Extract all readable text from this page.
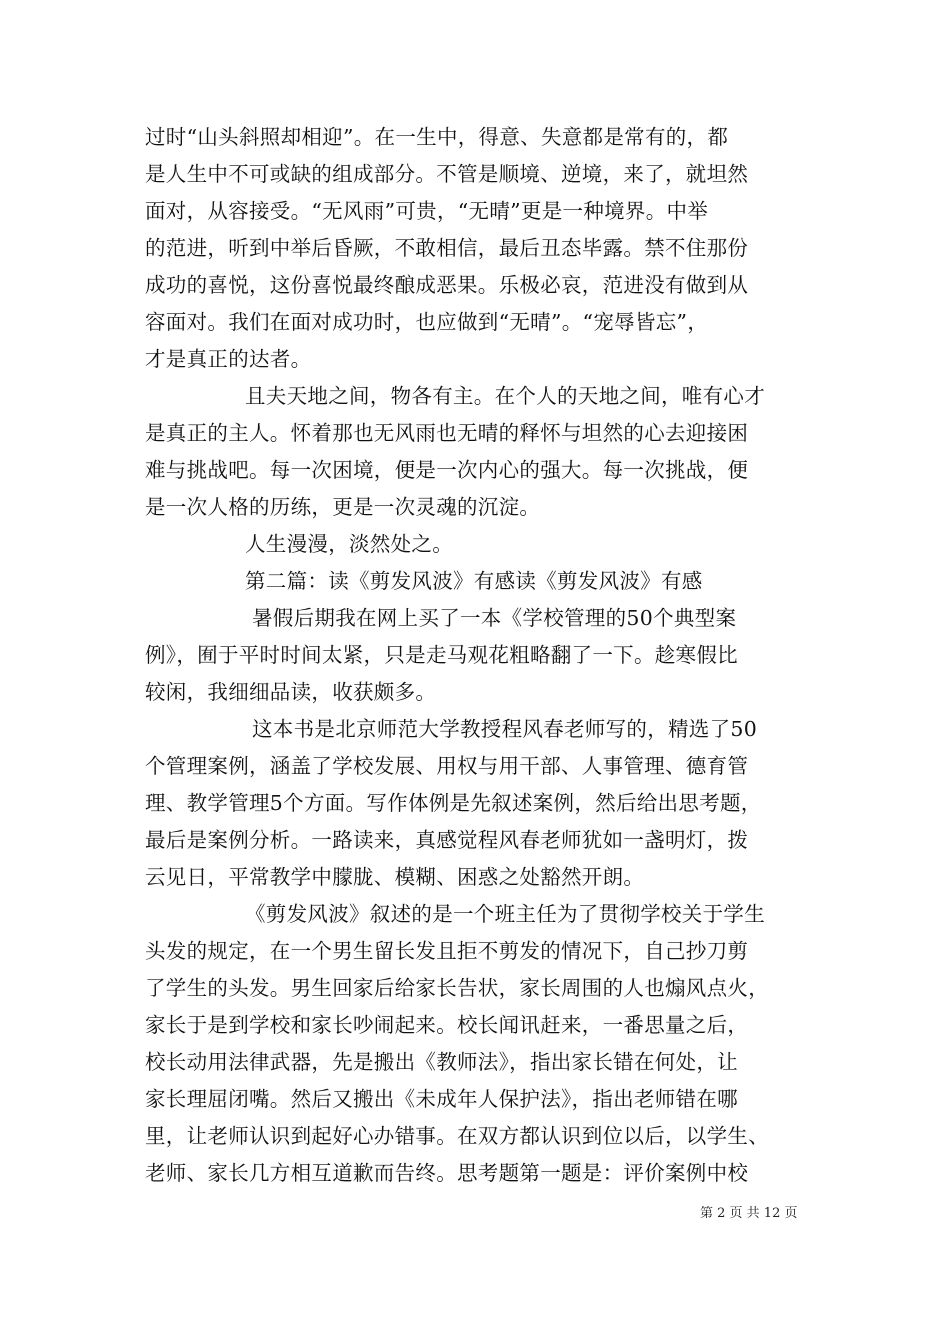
过时“山头斜照却相迎”。在一生中，得意、失意都是常有的，都
是人生中不可或缺的组成部分。不管是顺境、逆境，来了，就坦然
面对，从容接受。“无风雨”可贵，“无晴”更是一种境界。中举
的范进，听到中举后昏厥，不敢相信，最后丑态毕露。禁不住那份
成功的喜悦，这份喜悦最终酿成恶果。乐极必哀，范进没有做到从
容面对。我们在面对成功时，也应做到“无晴”。“宠辱皆忘”，
才是真正的达者。
且夫天地之间，物各有主。在个人的天地之间，唯有心才
是真正的主人。怀着那也无风雨也无晴的释怀与坦然的心去迎接困
难与挑战吧。每一次困境，便是一次内心的强大。每一次挑战，便
是一次人格的历练，更是一次灵魂的沉淀。
人生漫漫，淡然处之。
第二篇：读《剪发风波》有感读《剪发风波》有感
暑假后期我在网上买了一本《学校管理的50个典型案
例》，囿于平时时间太紧，只是走马观花粗略翻了一下。趁寒假比
较闲，我细细品读，收获颇多。
这本书是北京师范大学教授程风春老师写的，精选了50
个管理案例，涵盖了学校发展、用权与用干部、人事管理、德育管
理、教学管理5个方面。写作体例是先叙述案例，然后给出思考题，
最后是案例分析。一路读来，真感觉程风春老师犹如一盏明灯，拨
云见日，平常教学中朦胧、模糊、困惑之处豁然开朗。
《剪发风波》叙述的是一个班主任为了贯彻学校关于学生
头发的规定，在一个男生留长发且拒不剪发的情况下，自己抄刀剪
了学生的头发。男生回家后给家长告状，家长周围的人也煽风点火，
家长于是到学校和家长吵闹起来。校长闻讯赶来，一番思量之后，
校长动用法律武器，先是搬出《教师法》，指出家长错在何处，让
家长理屈闭嘴。然后又搬出《未成年人保护法》，指出老师错在哪
里，让老师认识到起好心办错事。在双方都认识到位以后，以学生、
老师、家长几方相互道歉而告终。思考题第一题是：评价案例中校
第 2 页 共 12 页
